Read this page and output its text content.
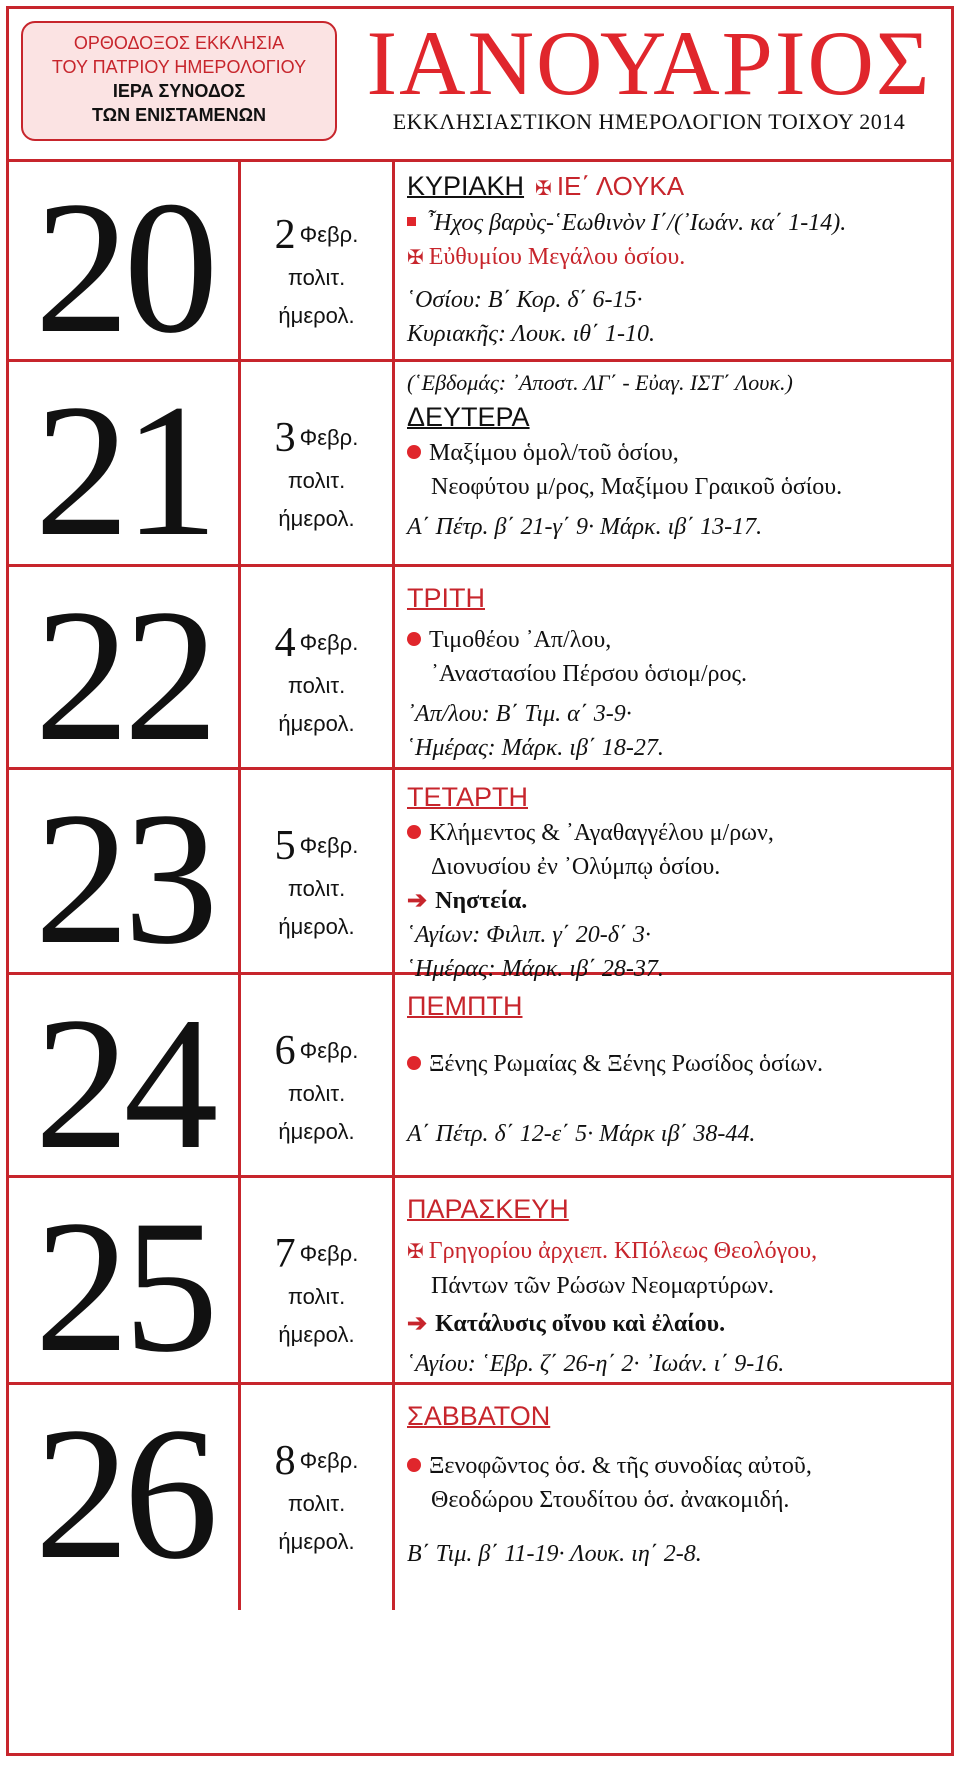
ΟΡΘΟΔΟΞΟΣ ΕΚΚΛΗΣΙΑ
ΤΟΥ ΠΑΤΡΙΟΥ ΗΜΕΡΟΛΟΓΙΟΥ
ΙΕΡΑ ΣΥΝΟΔΟΣ
ΤΩΝ ΕΝΙΣΤΑΜΕΝΩΝ
ΙΑΝΟΥΑΡΙΟΣ
ΕΚΚΛΗΣΙΑΣΤΙΚΟΝ ΗΜΕΡΟΛΟΓΙΟΝ ΤΟΙΧΟΥ 2014
20	2 Φεβρ.
πολιτ.
ήμερολ.
ΚΥΡΙΑΚΗ  ✠ ΙΕ΄ ΛΟΥΚΑ
῏Ηχος βαρὺς-῾Εωθινὸν Ι΄/(᾿Ιωάν. κα΄ 1-14).
✠ Εὐθυμίου Μεγάλου ὁσίου.
῾Οσίου: Β΄ Κορ. δ΄ 6-15·
Κυριακῆς: Λουκ. ιθ΄ 1-10.
21	3 Φεβρ.
πολιτ.
ήμερολ.
(῾Εβδομάς: ᾿Αποστ. ΛΓ΄ - Εὐαγ. ΙΣΤ΄ Λουκ.)
ΔΕΥΤΕΡΑ
Μαξίμου ὁμολ/τοῦ ὁσίου,
Νεοφύτου μ/ρος, Μαξίμου Γραικοῦ ὁσίου.
Α΄ Πέτρ. β΄ 21-γ΄ 9· Μάρκ. ιβ΄ 13-17.
22	4 Φεβρ.
πολιτ.
ήμερολ.
ΤΡΙΤΗ
Τιμοθέου ᾿Απ/λου,
᾿Αναστασίου Πέρσου ὁσιομ/ρος.
᾿Απ/λου: Β΄ Τιμ. α΄ 3-9·
῾Ημέρας: Μάρκ. ιβ΄ 18-27.
23	5 Φεβρ.
πολιτ.
ήμερολ.
ΤΕΤΑΡΤΗ
Κλήμεντος & ᾿Αγαθαγγέλου μ/ρων,
Διονυσίου ἐν ᾿Ολύμπῳ ὁσίου.
➔ Νηστεία.
῾Αγίων: Φιλιπ. γ΄ 20-δ΄ 3·
῾Ημέρας: Μάρκ. ιβ΄ 28-37.
24	6 Φεβρ.
πολιτ.
ήμερολ.
ΠΕΜΠΤΗ
Ξένης Ρωμαίας & Ξένης Ρωσίδος ὁσίων.
Α΄ Πέτρ. δ΄ 12-ε΄ 5· Μάρκ ιβ΄ 38-44.
25	7 Φεβρ.
πολιτ.
ήμερολ.
ΠΑΡΑΣΚΕΥΗ
✠ Γρηγορίου ἀρχιεπ. ΚΠόλεως Θεολόγου,
Πάντων τῶν Ρώσων Νεομαρτύρων.
➔ Κατάλυσις οἴνου καὶ ἐλαίου.
῾Αγίου: ῾Εβρ. ζ΄ 26-η΄ 2· ᾿Ιωάν. ι΄ 9-16.
26	8 Φεβρ.
πολιτ.
ήμερολ.
ΣΑΒΒΑΤΟΝ
Ξενοφῶντος ὁσ. & τῆς συνοδίας αὐτοῦ,
Θεοδώρου Στουδίτου ὁσ. ἀνακομιδή.
Β΄ Τιμ. β΄ 11-19· Λουκ. ιη΄ 2-8.
